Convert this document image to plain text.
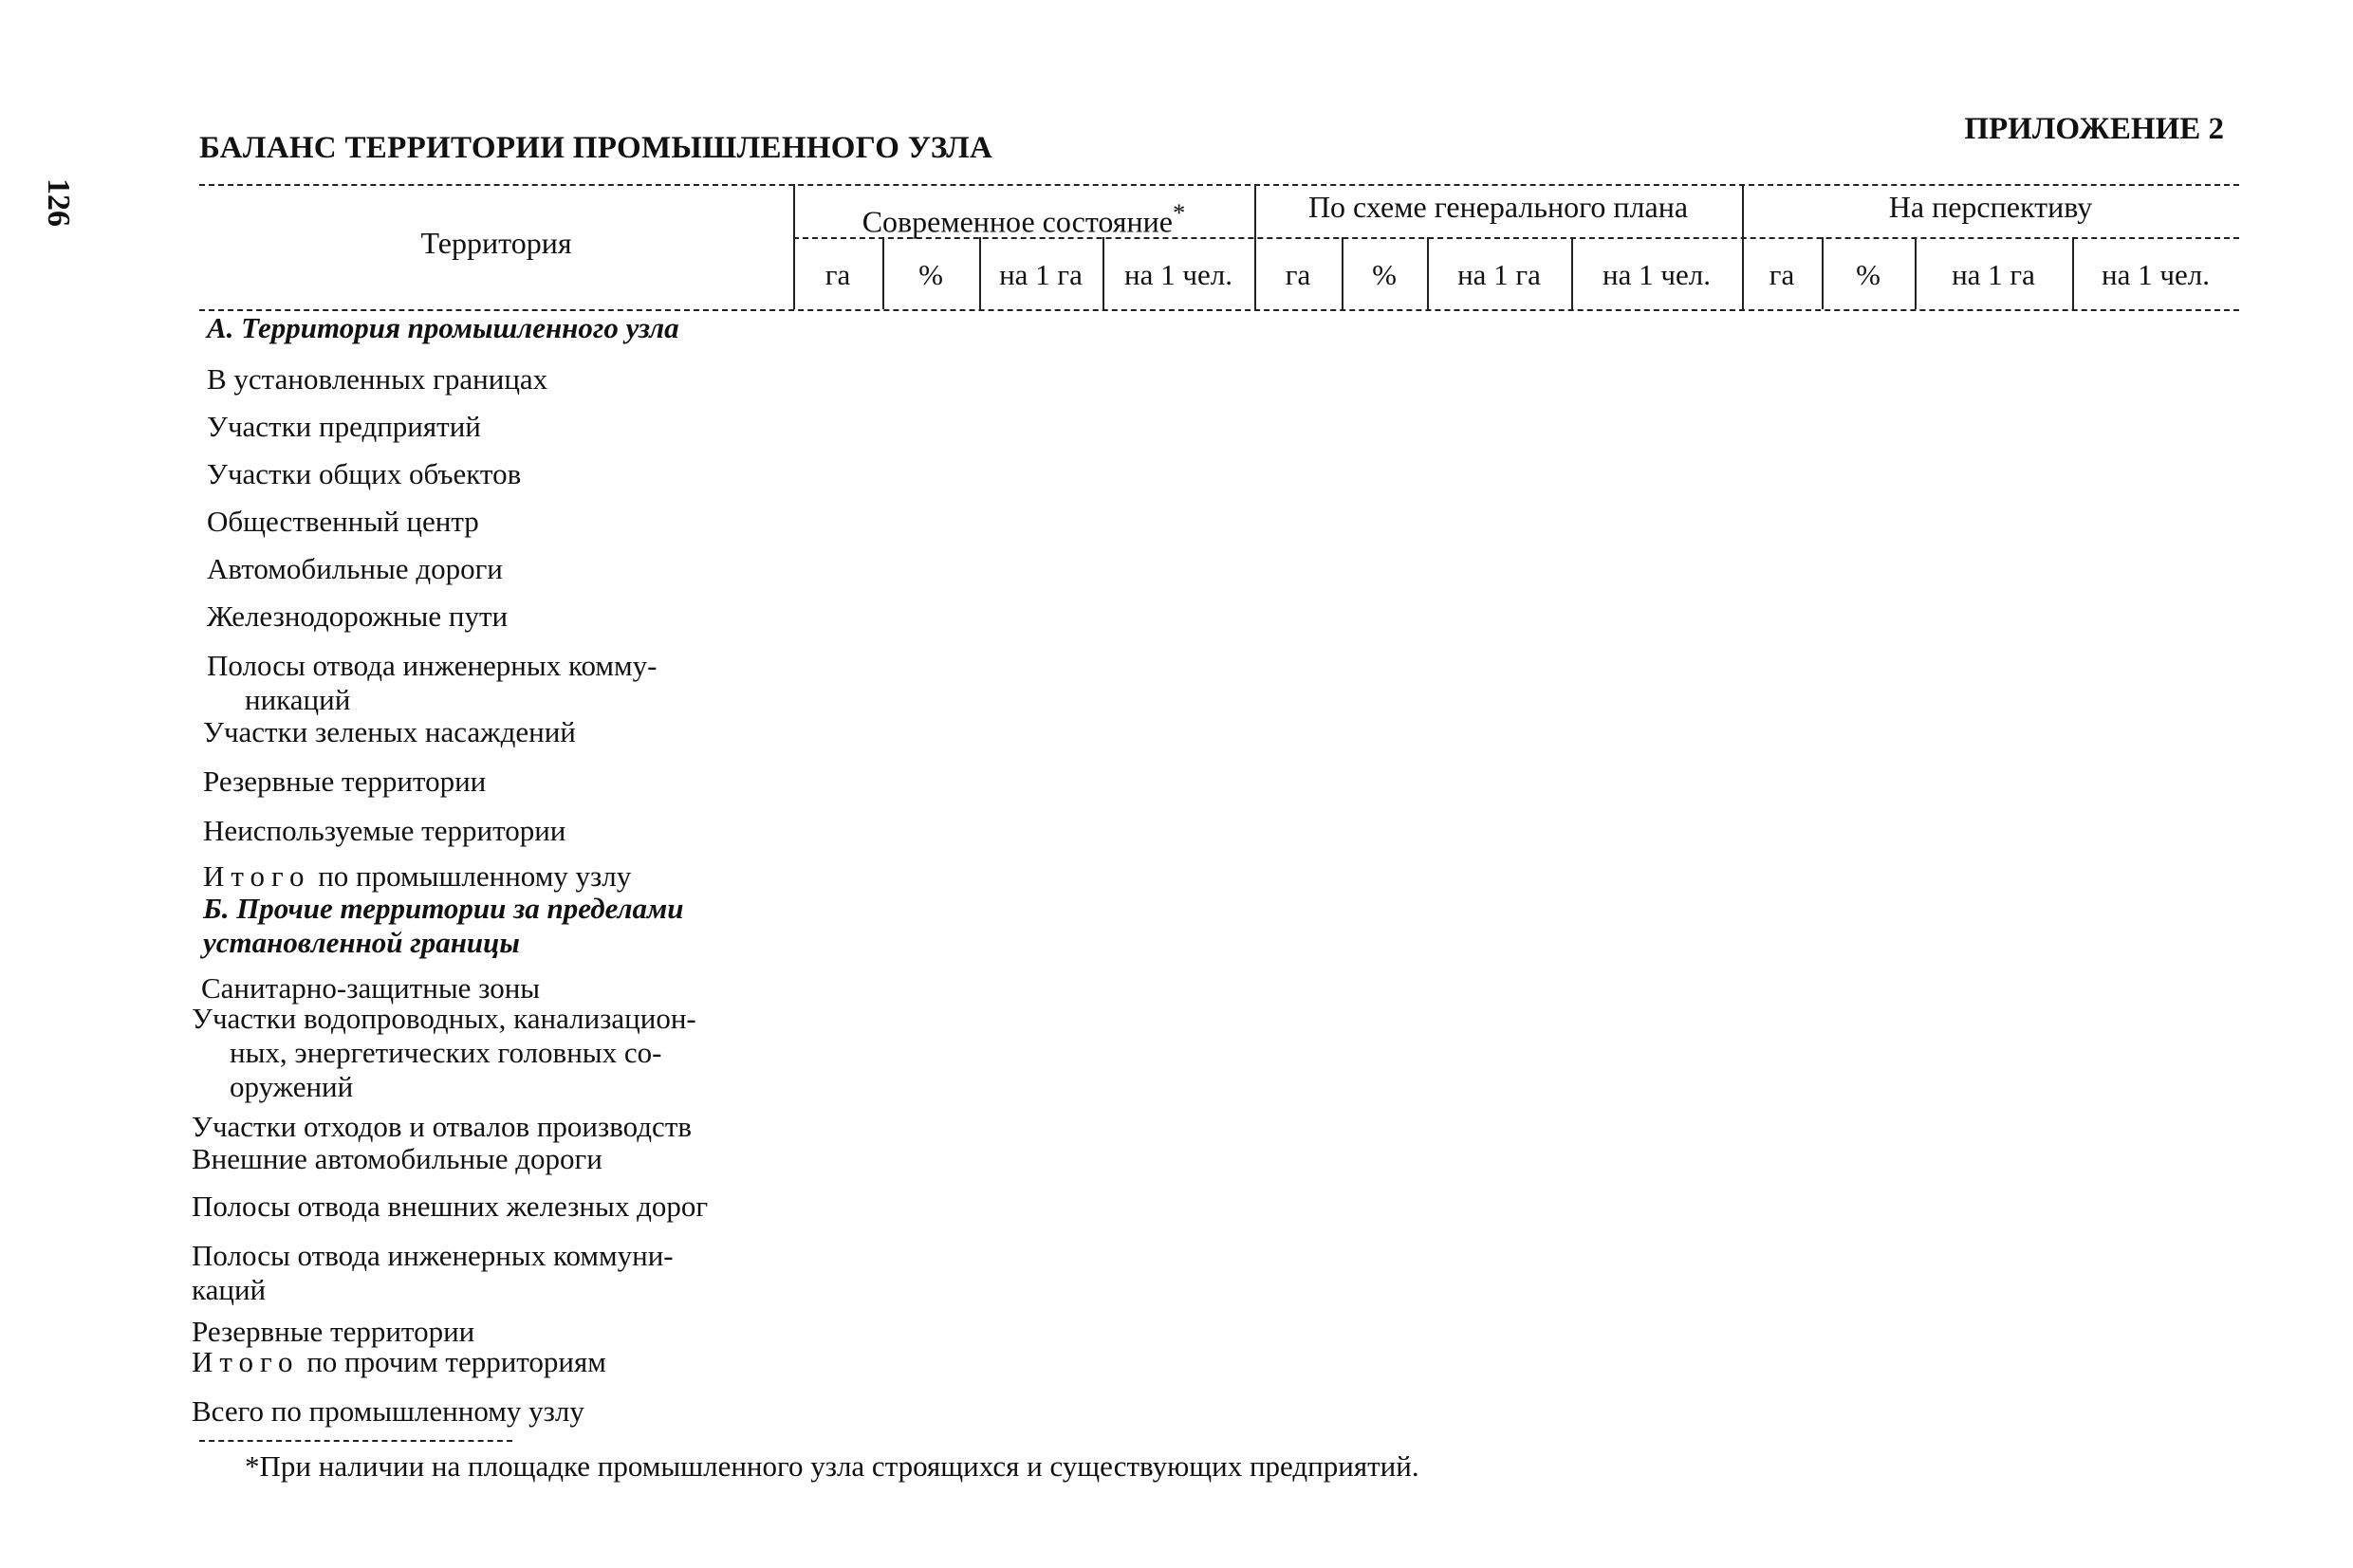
126
БАЛАНС ТЕРРИТОРИИ ПРОМЫШЛЕННОГО УЗЛА
ПРИЛОЖЕНИЕ 2
Территория
Современное состояние*	По схеме генерального плана	На перспективу
га	%	на 1 га	на 1 чел.	га	%	на 1 га	на 1 чел.	га	%	на 1 га	на 1 чел.
А. Территория промышленного узла
В установленных границах
Участки предприятий
Участки общих объектов
Общественный центр
Автомобильные дороги
Железнодорожные пути
Полосы отвода инженерных комму-
никаций
Участки зеленых насаждений
Резервные территории
Неиспользуемые территории
Итого по промышленному узлу
Б. Прочие территории за пределами
установленной границы
Санитарно-защитные зоны
Участки водопроводных, канализацион-
ных, энергетических головных со-
оружений
Участки отходов и отвалов производств
Внешние автомобильные дороги
Полосы отвода внешних железных дорог
Полосы отвода инженерных коммуни-
каций
Резервные территории
Итого по прочим территориям
Всего по промышленному узлу
*При наличии на площадке промышленного узла строящихся и существующих предприятий.
